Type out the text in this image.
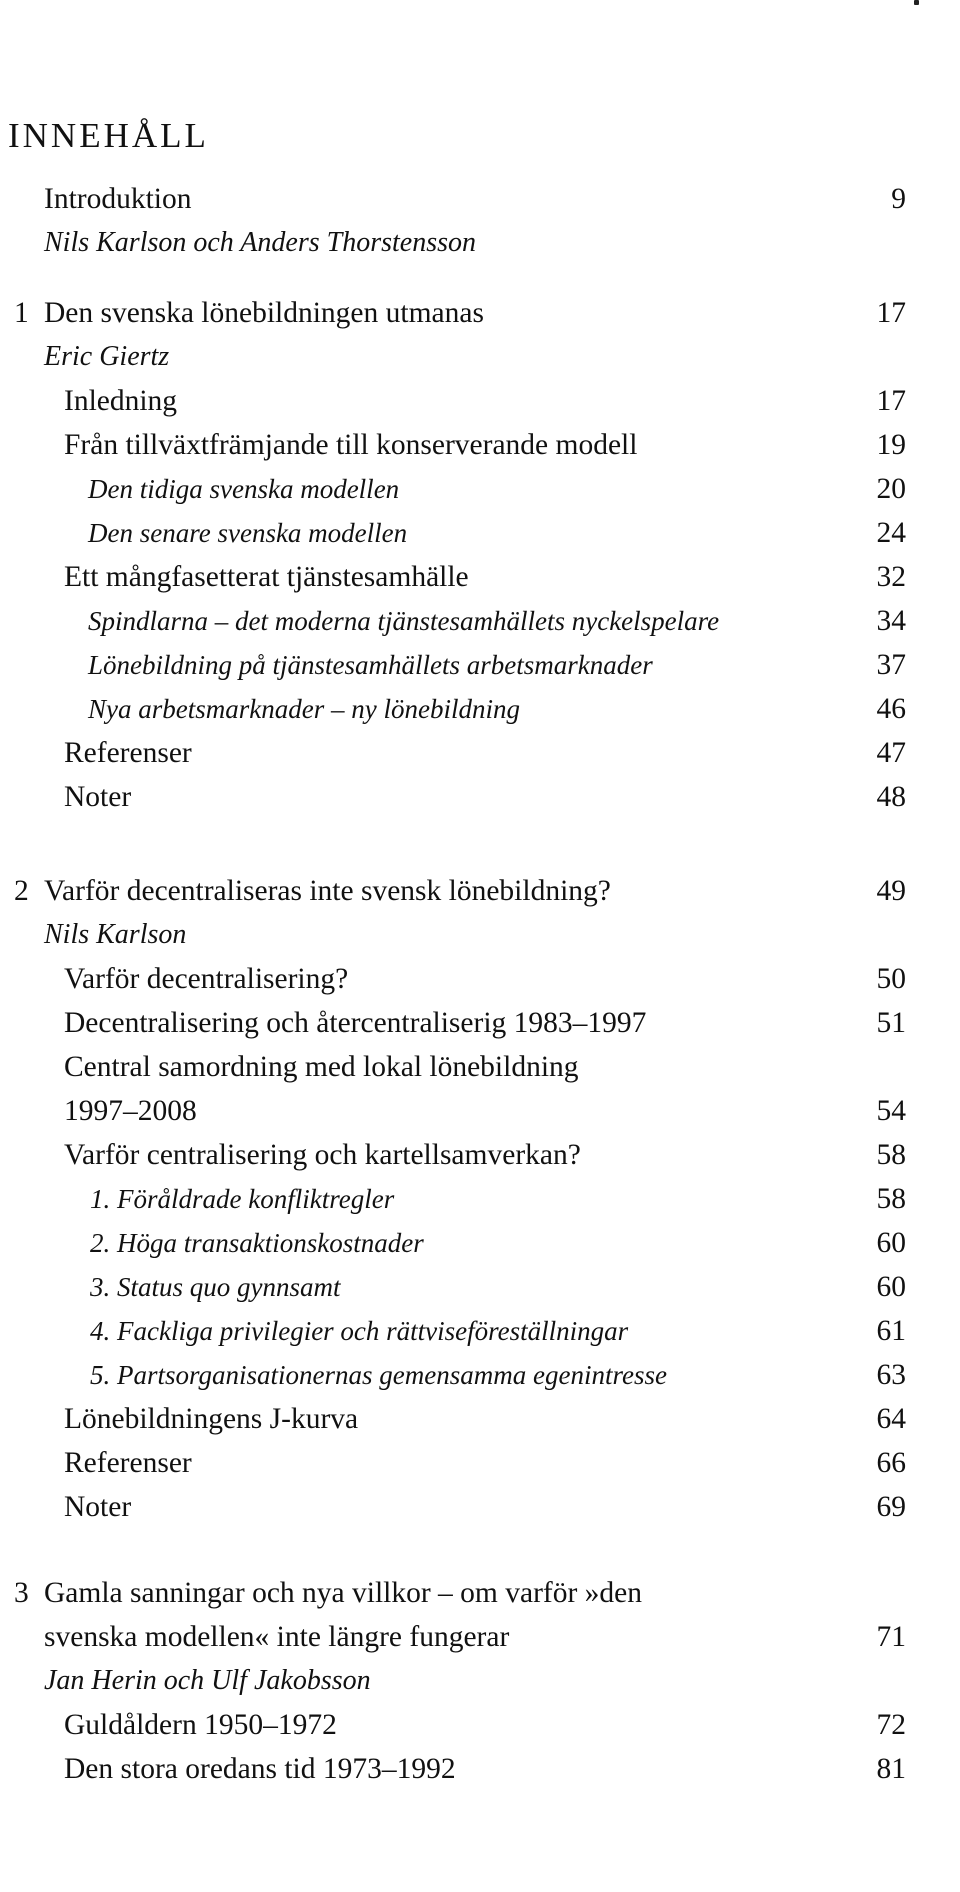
INNEHÅLL
Introduktion	9
Nils Karlson och Anders Thorstensson
1 Den svenska lönebildningen utmanas	17
Eric Giertz
Inledning	17
Från tillväxtfrämjande till konserverande modell	19
Den tidiga svenska modellen	20
Den senare svenska modellen	24
Ett mångfasetterat tjänstesamhälle	32
Spindlarna – det moderna tjänstesamhällets nyckelspelare	34
Lönebildning på tjänstesamhällets arbetsmarknader	37
Nya arbetsmarknader – ny lönebildning	46
Referenser	47
Noter	48
2 Varför decentraliseras inte svensk lönebildning?	49
Nils Karlson
Varför decentralisering?	50
Decentralisering och återcentraliserig 1983–1997	51
Central samordning med lokal lönebildning
1997–2008	54
Varför centralisering och kartellsamverkan?	58
1. Föråldrade konfliktregler	58
2. Höga transaktionskostnader	60
3. Status quo gynnsamt	60
4. Fackliga privilegier och rättviseföreställningar	61
5. Partsorganisationernas gemensamma egenintresse	63
Lönebildningens J-kurva	64
Referenser	66
Noter	69
3 Gamla sanningar och nya villkor – om varför »den
svenska modellen« inte längre fungerar	71
Jan Herin och Ulf Jakobsson
Guldåldern 1950–1972	72
Den stora oredans tid 1973–1992	81
